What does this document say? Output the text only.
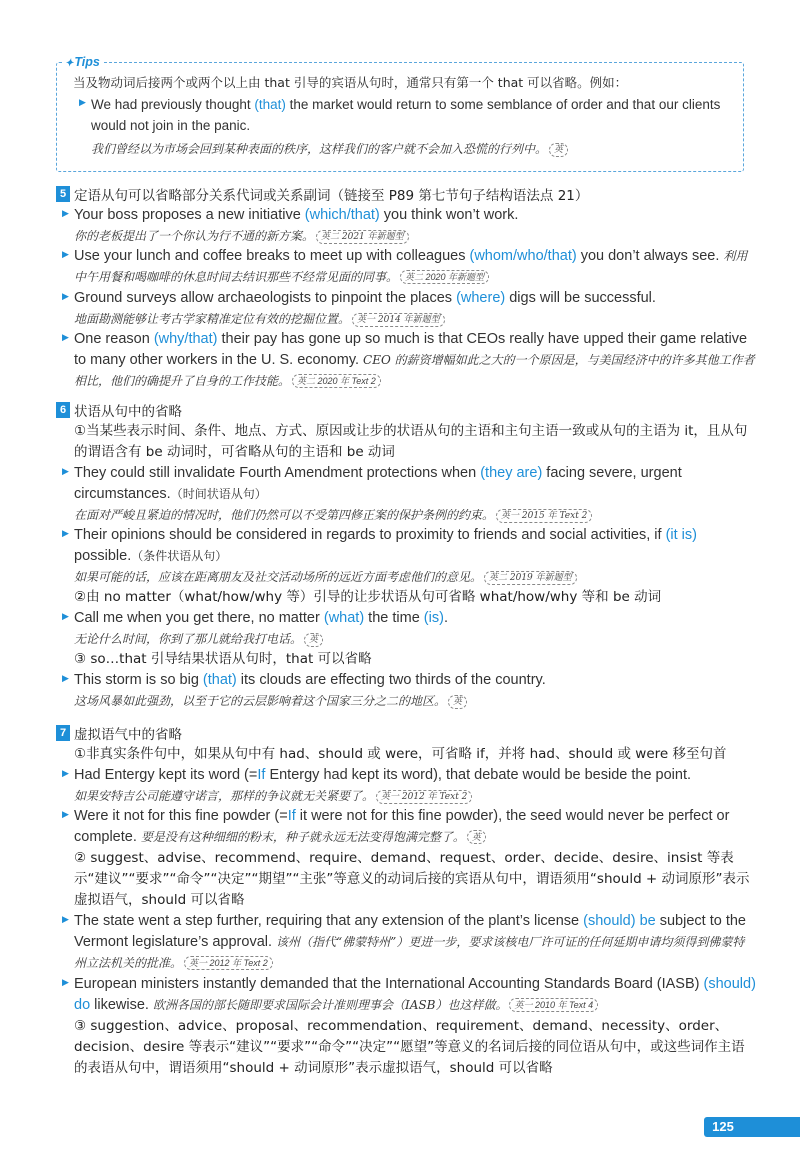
✦Tips
当及物动词后接两个或两个以上由 that 引导的宾语从句时，通常只有第一个 that 可以省略。例如：
▶ We had previously thought (that) the market would return to some semblance of order and that our clients would not join in the panic.
我们曾经以为市场会回到某种表面的秩序，这样我们的客户就不会加入恐慌的行列中。 英
5 定语从句可以省略部分关系代词或关系副词（链接至 P89 第七节句子结构语法点 21）
▶ Your boss proposes a new initiative (which/that) you think won’t work.
你的老板提出了一个你认为行不通的新方案。 英二 2021 年新题型
▶ Use your lunch and coffee breaks to meet up with colleagues (whom/who/that) you don’t always see. 利用中午用餐和喝咖啡的休息时间去结识那些不经常见面的同事。 英二 2020 年新题型
▶ Ground surveys allow archaeologists to pinpoint the places (where) digs will be successful.
地面勘测能够让考古学家精准定位有效的挖掘位置。 英一 2014 年新题型
▶ One reason (why/that) their pay has gone up so much is that CEOs really have upped their game relative to many other workers in the U. S. economy. CEO 的薪资增幅如此之大的一个原因是，与美国经济中的许多其他工作者相比，他们的确提升了自身的工作技能。 英二 2020 年 Text 2
6 状语从句中的省略
①当某些表示时间、条件、地点、方式、原因或让步的状语从句的主语和主句主语一致或从句的主语为 it，且从句的谓语含有 be 动词时，可省略从句的主语和 be 动词
▶ They could still invalidate Fourth Amendment protections when (they are) facing severe, urgent circumstances.（时间状语从句）
在面对严峻且紧迫的情况时，他们仍然可以不受第四修正案的保护条例的约束。 英一 2015 年 Text 2
▶ Their opinions should be considered in regards to proximity to friends and social activities, if (it is) possible.（条件状语从句）
如果可能的话，应该在距离朋友及社交活动场所的远近方面考虑他们的意见。 英二 2019 年新题型
②由 no matter（what/how/why 等）引导的让步状语从句可省略 what/how/why 等和 be 动词
▶ Call me when you get there, no matter (what) the time (is).
无论什么时间，你到了那儿就给我打电话。 英
③ so…that 引导结果状语从句时，that 可以省略
▶ This storm is so big (that) its clouds are effecting two thirds of the country.
这场风暴如此强劲，以至于它的云层影响着这个国家三分之二的地区。 英
7 虚拟语气中的省略
①非真实条件句中，如果从句中有 had、should 或 were，可省略 if，并将 had、should 或 were 移至句首
▶ Had Entergy kept its word (=If Entergy had kept its word), that debate would be beside the point.
如果安特吉公司能遵守诺言，那样的争议就无关紧要了。 英一 2012 年 Text 2
▶ Were it not for this fine powder (=If it were not for this fine powder), the seed would never be perfect or complete. 要是没有这种细细的粉末，种子就永远无法变得饱满完整了。 英
② suggest、advise、recommend、require、demand、request、order、decide、desire、insist 等表示“建议”“要求”“命令”“决定”“期望”“主张”等意义的动词后接的宾语从句中，谓语须用“should + 动词原形”表示虚拟语气，should 可以省略
▶ The state went a step further, requiring that any extension of the plant’s license (should) be subject to the Vermont legislature’s approval. 该州（指代“佛蒙特州”）更进一步，要求该核电厂许可证的任何延期申请均须得到佛蒙特州立法机关的批准。 英一 2012 年 Text 2
▶ European ministers instantly demanded that the International Accounting Standards Board (IASB) (should) do likewise. 欧洲各国的部长随即要求国际会计准则理事会（IASB）也这样做。 英一 2010 年 Text 4
③ suggestion、advice、proposal、recommendation、requirement、demand、necessity、order、decision、desire 等表示“建议”“要求”“命令”“决定”“愿望”等意义的名词后接的同位语从句中，或这些词作主语的表语从句中，谓语须用“should + 动词原形”表示虚拟语气，should 可以省略
125
